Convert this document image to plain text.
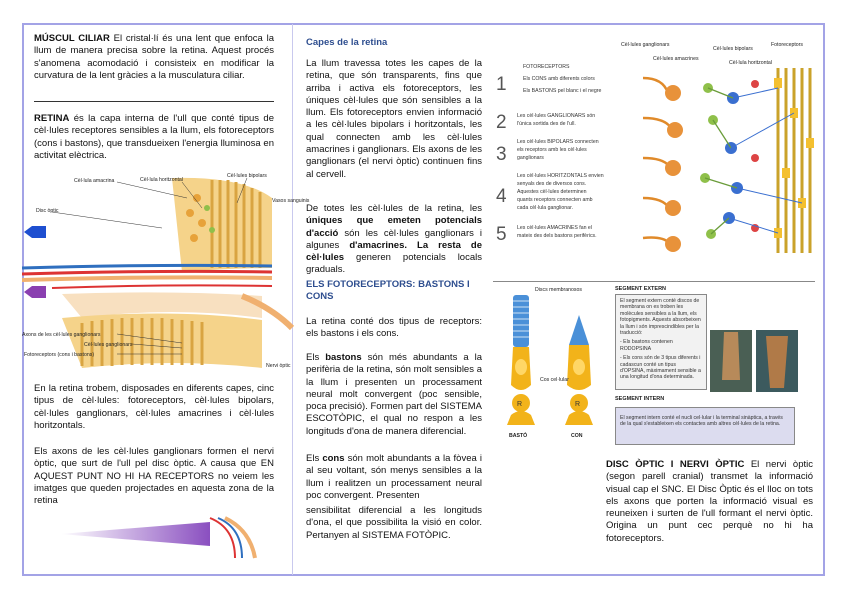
MÚSCUL CILIAR El cristal·lí és una lent que enfoca la llum de manera precisa sobre la retina. Aquest procés s'anomena acomodació i consisteix en modificar la curvatura de la lent gràcies a la musculatura ciliar.

RETINA és la capa interna de l'ull que conté tipus de cèl·lules receptores sensibles a la llum, els fotoreceptors (cons i bastons), que transdueixen l'energia lluminosa en activitat elèctrica.

Cèl·lula amacrina	Cèl·lula horitzontal
Cèl·lules bipolars
Vasos sanguinis
Disc òptic
Axons de les cèl·lules ganglionars
Cèl·lules ganglionars
Fotoreceptors (cons i bastons)
Nervi òptic

En la retina trobem, disposades en diferents capes, cinc tipus de cèl·lules: fotoreceptors, cèl·lules bipolars, cèl·lules ganglionars, cèl·lules amacrines i cèl·lules horitzontals.

Els axons de les cèl·lules ganglionars formen el nervi òptic, que surt de l'ull pel disc òptic. A causa que EN AQUEST PUNT NO HI HA RECEPTORS no veiem les imatges que queden projectades en aquesta zona de la retina

Capes de la retina

La llum travessa totes les capes de la retina, que són transparents, fins que arriba i activa els fotoreceptors, les úniques cèl·lules que són sensibles a la llum. Els fotoreceptors envien informació a les cèl·lules bipolars i horitzontals, les qual connecten amb les cèl·lules amacrines i ganglionars. Els axons de les ganglionars (el nervi òptic) continuen fins al cervell.

De totes les cèl·lules de la retina, les úniques que emeten potencials d'acció són les cèl·lules ganglionars i algunes d'amacrines. La resta de cèl·lules generen potencials locals graduals.

ELS FOTORECEPTORS: BASTONS I CONS

La retina conté dos tipus de receptors: els bastons i els cons.

Els bastons són més abundants a la perifèria de la retina, són molt sensibles a la llum i presenten un processament neural molt convergent (poc sensible, poca precisió). Formen part del SISTEMA ESCOTÒPIC, el qual no respon a les longituds d'ona de manera diferencial.

Els cons són molt abundants a la fòvea i al seu voltant, són menys sensibles a la llum i realitzen un processament neural poc convergent. Presenten

sensibilitat diferencial a les longituds d'ona, el que possibilita la visió en color. Pertanyen al SISTEMA FOTÒPIC.

1
FOTORECEPTORS
Els CONS amb diferents colors
Els BASTONS pel blanc i el negre
2 Les cèl·lules GANGLIONARS són
l'única sortida des de l'ull.
3
Les cèl·lules BIPOLARS connecten
els receptors amb les cèl·lules
ganglionars
4
Les cèl·lules HORITZONTALS envien
senyals des de diversos cons.
Aquestes cèl·lules determinen
quants receptors connecten amb
cada cèl·lula ganglionar.
5 Les cèl·lules AMACRINES fan el
mateix des dels bastons perifèrics.
Cèl·lules ganglionars
Cèl·lules amacrines
Cèl·lules bipolars
Cèl·lula horitzontal
Fotoreceptors
R	R
Discs membranosos
Cos cel·lular
BASTÓ	CON
SEGMENT EXTERN
El segment extern conté discos de membrana on es troben les molècules sensibles a la llum, els fotopigments. Aquests absorbeixen la llum i són imprescindibles per la traducció:
- Els bastons contenen RODOPSINA
- Els cons són de 3 tipus diferents i cadascun conté un tipus d'OPSINA, màximament sensible a una longitud d'ona determinada.
SEGMENT INTERN
El segment intern conté el nucli cel·lular i la terminal sinàptica, a través de la qual s'estableixen els contactes amb altres cèl·lules de la retina.

DISC ÒPTIC I NERVI ÒPTIC El nervi òptic (segon parell cranial) transmet la informació visual cap el SNC. El Disc Òptic és el lloc on tots els axons que porten la informació visual es reuneixen i surten de l'ull formant el nervi òptic. Origina un punt cec perquè no hi ha fotoreceptors.
